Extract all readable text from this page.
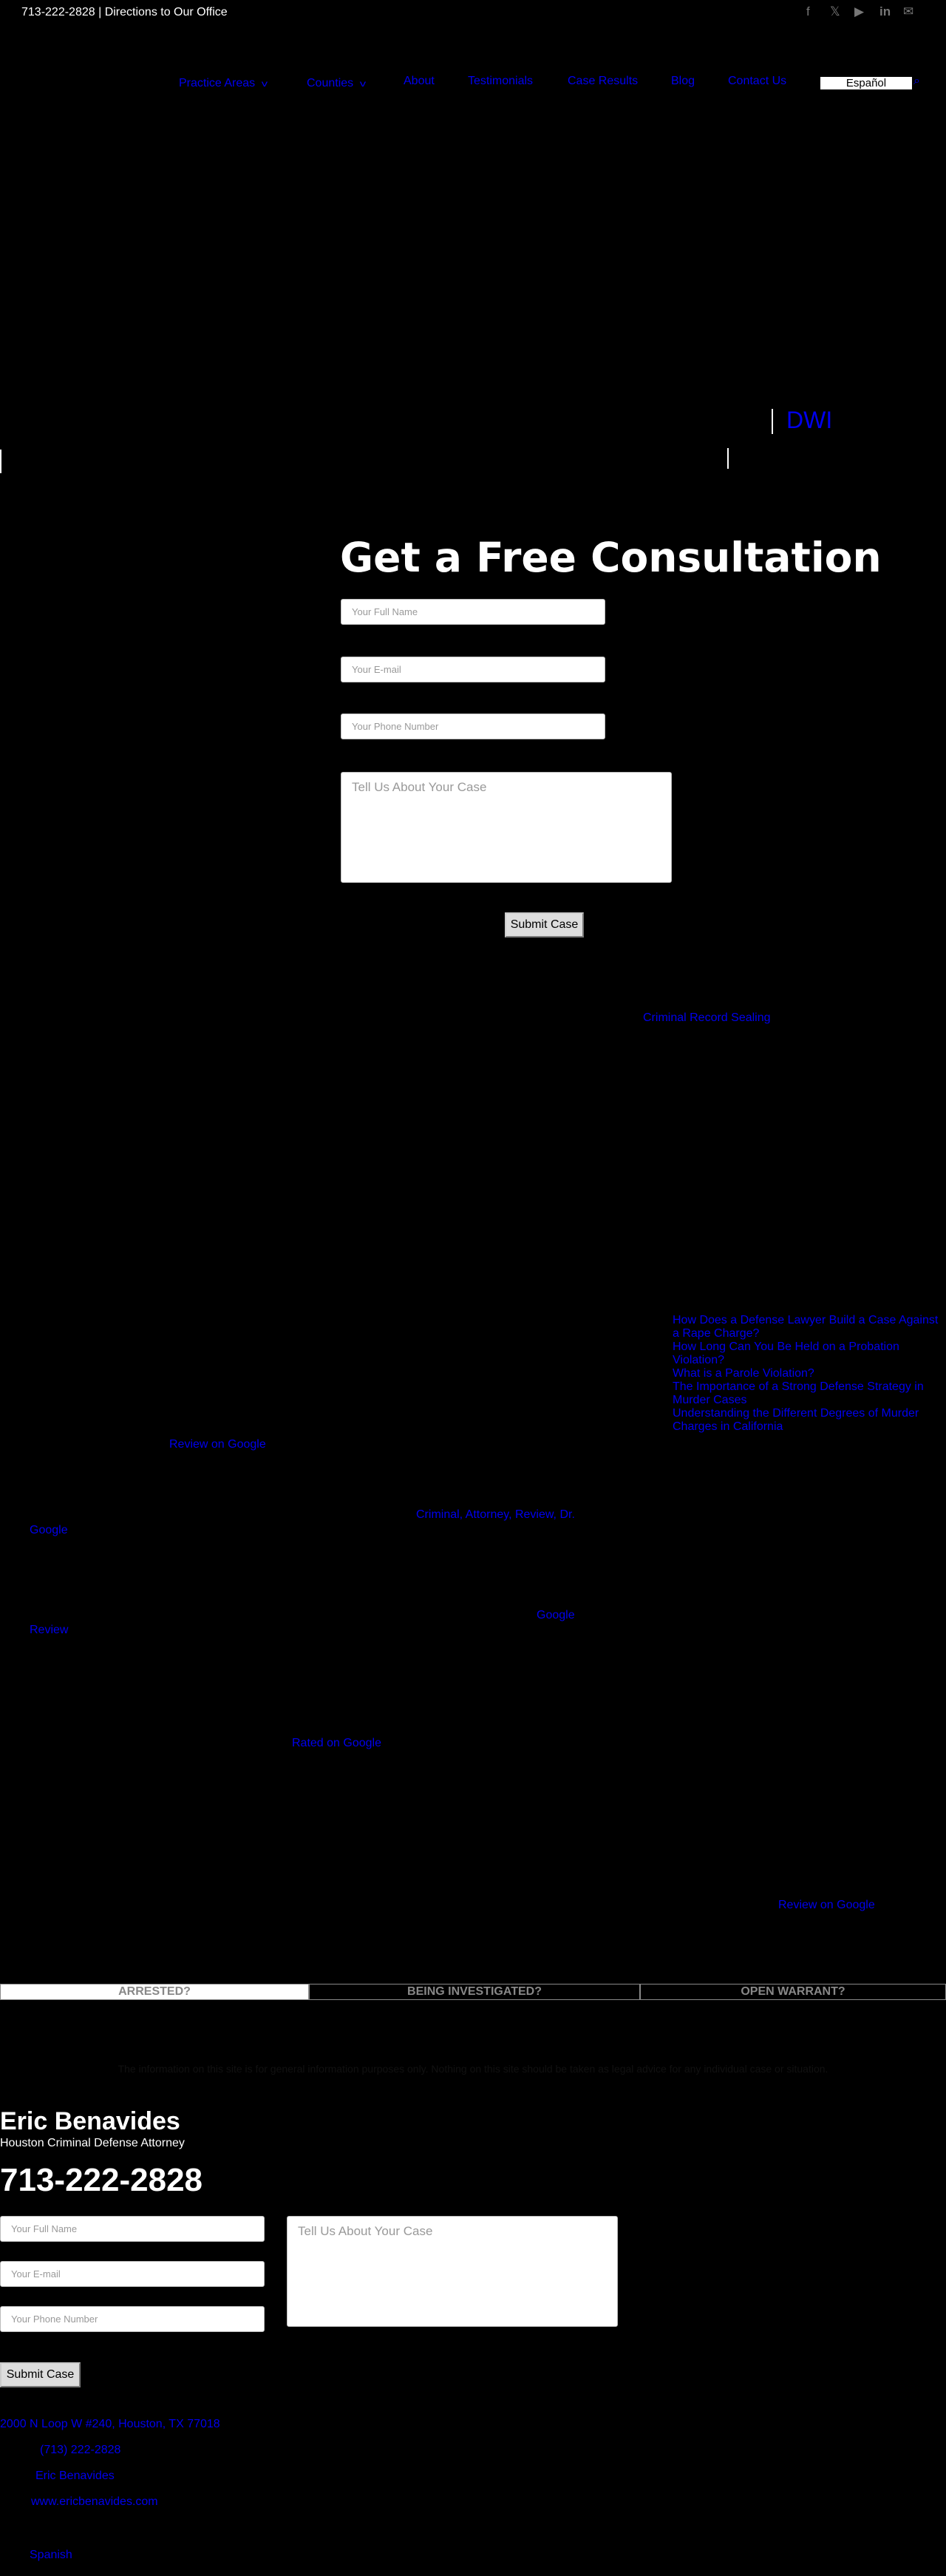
713-222-2828 | Directions to Our Office	f 𝕏 ▶ in ✉
Practice Areas v	Counties v	About	Testimonials	Case Results	Blog	Contact Us	Español	⌕
DWI
Get a Free Consultation
Your Full Name
Your E-mail
Your Phone Number
Tell Us About Your Case
Submit Case
Criminal Record Sealing
How Does a Defense Lawyer Build a Case Against a Rape Charge?
How Long Can You Be Held on a Probation Violation?
What is a Parole Violation?
The Importance of a Strong Defense Strategy in Murder Cases
Understanding the Different Degrees of Murder Charges in California
Review on Google
Criminal, Attorney, Review, Dr.
Google
Google
Review
Rated on Google
Review on Google
ARRESTED?	BEING INVESTIGATED?	OPEN WARRANT?
The information on this site is for general information purposes only. Nothing on this site should be taken as legal advice for any individual case or situation.
Eric Benavides
Houston Criminal Defense Attorney
713-222-2828
Your Full Name
Your E-mail
Your Phone Number
Tell Us About Your Case
Submit Case
2000 N Loop W #240, Houston, TX 77018
(713) 222-2828
Eric Benavides
www.ericbenavides.com
Spanish
